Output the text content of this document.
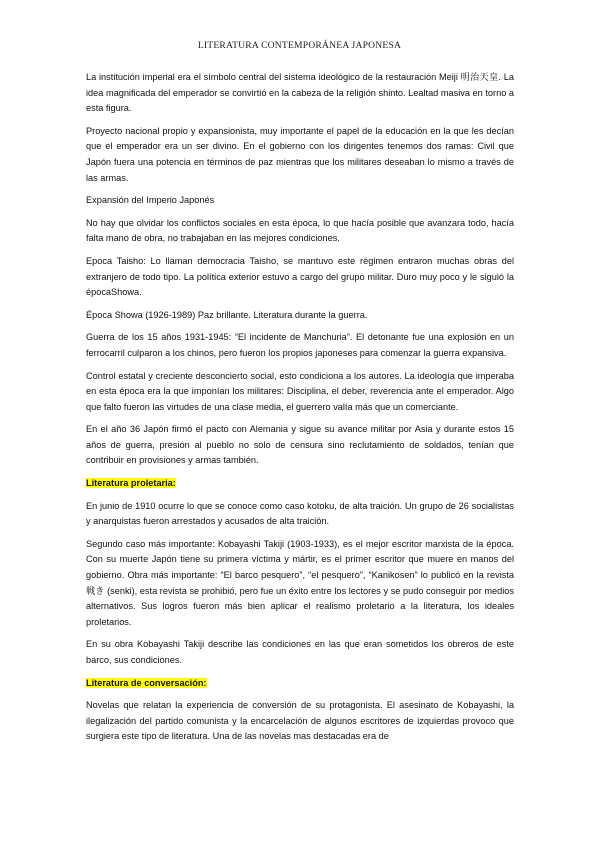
LITERATURA CONTEMPORÁNEA JAPONESA

La institución imperial era el símbolo central del sistema ideológico de la restauración Meiji 明治天皇. La idea magnificada del emperador se convirtió en la cabeza de la religión shinto. Lealtad masiva en torno a esta figura.

Proyecto nacional propio y expansionista, muy importante el papel de la educación en la que les decían que el emperador era un ser divino. En el gobierno con los dirigentes tenemos dos ramas: Civil que Japón fuera una potencia en términos de paz mientras que los militares deseaban lo mismo a través de las armas.

Expansión del Imperio Japonés

No hay que olvidar los conflictos sociales en esta época, lo que hacía posible que avanzara todo, hacía falta mano de obra, no trabajaban en las mejores condiciones.

Epoca Taisho: Lo llaman democracia Taisho, se mantuvo este régimen entraron muchas obras del extranjero de todo tipo. La política exterior estuvo a cargo del grupo militar. Duro muy poco y le siguió la épocaShowa.

Época Showa (1926-1989) Paz brillante. Literatura durante la guerra.

Guerra de los 15 años 1931-1945: “El incidente de Manchuria”. El detonante fue una explosión en un ferrocarril culparon a los chinos, pero fueron los propios japoneses para comenzar la guerra expansiva.

Control estatal y creciente desconcierto social, esto condiciona a los autores. La ideología que imperaba en esta época era la que imponían los militares: Disciplina, el deber, reverencia ante el emperador. Algo que falto fueron las virtudes de una clase media, el guerrero valía más que un comerciante.

En el año 36 Japón firmó el pacto con Alemania y sigue su avance militar por Asia y durante estos 15 años de guerra, presión al pueblo no solo de censura sino reclutamiento de soldados, tenían que contribuir en provisiones y armas también.

Literatura proletaria:

En junio de 1910 ocurre lo que se conoce como caso kotoku, de alta traición. Un grupo de 26 socialistas y anarquistas fueron arrestados y acusados de alta traición.

Segundo caso más importante: Kobayashi Takiji (1903-1933), es el mejor escritor marxista de la época. Con su muerte Japón tiene su primera víctima y mártir, es el primer escritor que muere en manos del gobierno. Obra más importante: “El barco pesquero”, “el pesquero”, “Kanikosen” lo publicó en la revista 戦き (senki), esta revista se prohibió, pero fue un éxito entre los lectores y se pudo conseguir por medios alternativos. Sus logros fueron más bien aplicar el realismo proletario a la literatura, los ideales proletarios.

En su obra Kobayashi Takiji describe las condiciones en las que eran sometidos los obreros de este barco, sus condiciones.

Literatura de conversación:

Novelas que relatan la experiencia de conversión de su protagonista. El asesinato de Kobayashi, la ilegalización del partido comunista y la encarcelación de algunos escritores de izquierdas provoco que surgiera este tipo de literatura. Una de las novelas mas destacadas era de
